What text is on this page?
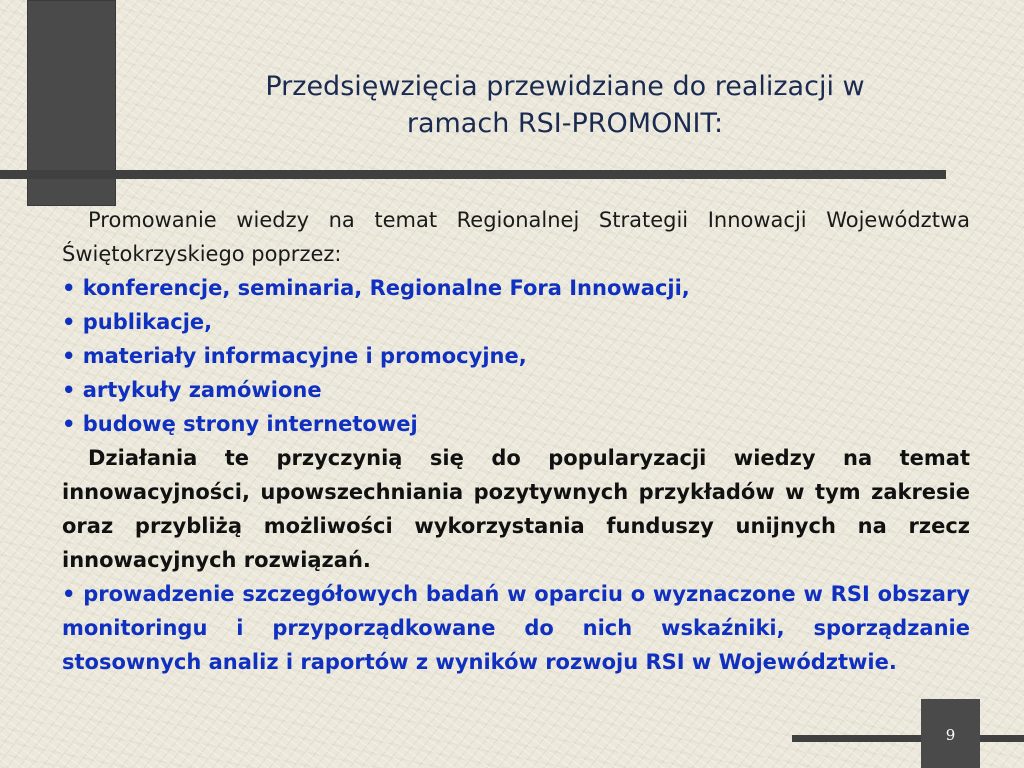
Przedsięwzięcia przewidziane do realizacji w
ramach RSI-PROMONIT:

Promowanie wiedzy na temat Regionalnej Strategii Innowacji Województwa Świętokrzyskiego poprzez:

• konferencje, seminaria, Regionalne Fora Innowacji,
• publikacje,
• materiały informacyjne i promocyjne,
• artykuły zamówione
• budowę strony internetowej

Działania te przyczynią się do popularyzacji wiedzy na temat innowacyjności, upowszechniania pozytywnych przykładów w tym zakresie oraz przybliżą możliwości wykorzystania funduszy unijnych na rzecz innowacyjnych rozwiązań.

• prowadzenie szczegółowych badań w oparciu o wyznaczone w RSI obszary monitoringu i przyporządkowane do nich wskaźniki, sporządzanie stosownych analiz i raportów z wyników rozwoju RSI w Województwie.

9
